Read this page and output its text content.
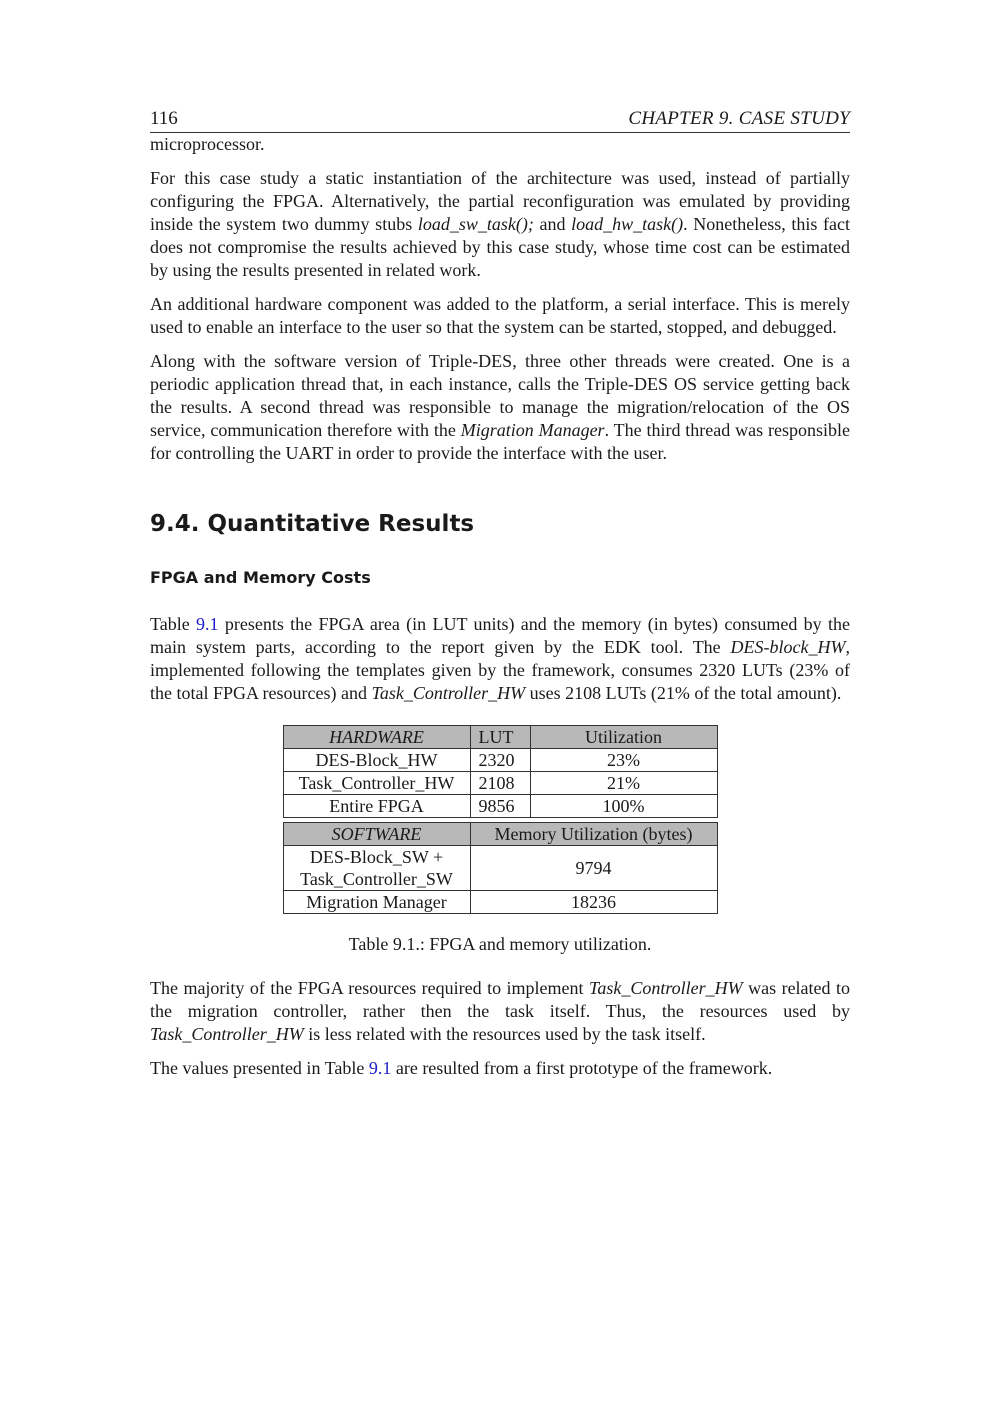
116	CHAPTER 9. CASE STUDY

microprocessor.

For this case study a static instantiation of the architecture was used, instead of partially configuring the FPGA. Alternatively, the partial reconfiguration was emulated by providing inside the system two dummy stubs load_sw_task(); and load_hw_task(). Nonetheless, this fact does not compromise the results achieved by this case study, whose time cost can be estimated by using the results presented in related work.

An additional hardware component was added to the platform, a serial interface. This is merely used to enable an interface to the user so that the system can be started, stopped, and debugged.

Along with the software version of Triple-DES, three other threads were created. One is a periodic application thread that, in each instance, calls the Triple-DES OS service getting back the results. A second thread was responsible to manage the migration/relocation of the OS service, communication therefore with the Migration Manager. The third thread was responsible for controlling the UART in order to provide the interface with the user.

9.4. Quantitative Results
FPGA and Memory Costs

Table 9.1 presents the FPGA area (in LUT units) and the memory (in bytes) consumed by the main system parts, according to the report given by the EDK tool. The DES-block_HW, implemented following the templates given by the framework, consumes 2320 LUTs (23% of the total FPGA resources) and Task_Controller_HW uses 2108 LUTs (21% of the total amount).

HARDWARE	LUT	Utilization
DES-Block_HW	2320	23%
Task_Controller_HW	2108	21%
Entire FPGA	9856	100%

SOFTWARE	Memory Utilization (bytes)	
DES-Block_SW +
Task_Controller_SW	9794	
Migration Manager	18236	
Table 9.1.: FPGA and memory utilization.

The majority of the FPGA resources required to implement Task_Controller_HW was related to the migration controller, rather then the task itself. Thus, the resources used by Task_Controller_HW is less related with the resources used by the task itself.

The values presented in Table 9.1 are resulted from a first prototype of the framework.
